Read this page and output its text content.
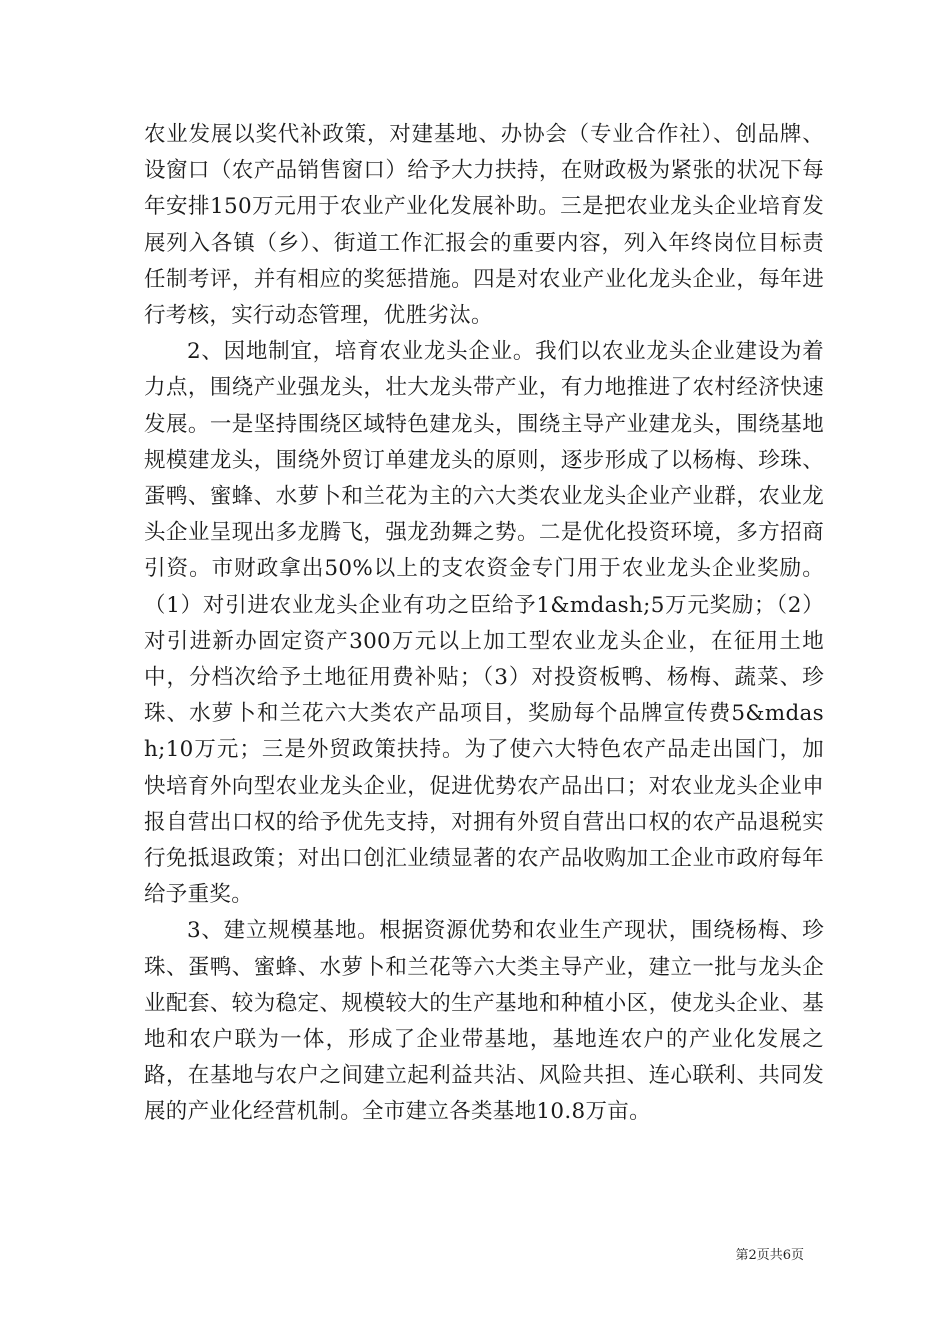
农业发展以奖代补政策，对建基地、办协会（专业合作社）、创品牌、设窗口（农产品销售窗口）给予大力扶持，在财政极为紧张的状况下每年安排150万元用于农业产业化发展补助。三是把农业龙头企业培育发展列入各镇（乡）、街道工作汇报会的重要内容，列入年终岗位目标责任制考评，并有相应的奖惩措施。四是对农业产业化龙头企业，每年进行考核，实行动态管理，优胜劣汰。

2、因地制宜，培育农业龙头企业。我们以农业龙头企业建设为着力点，围绕产业强龙头，壮大龙头带产业，有力地推进了农村经济快速发展。一是坚持围绕区域特色建龙头，围绕主导产业建龙头，围绕基地规模建龙头，围绕外贸订单建龙头的原则，逐步形成了以杨梅、珍珠、蛋鸭、蜜蜂、水萝卜和兰花为主的六大类农业龙头企业产业群，农业龙头企业呈现出多龙腾飞，强龙劲舞之势。二是优化投资环境，多方招商引资。市财政拿出50%以上的支农资金专门用于农业龙头企业奖励。（1）对引进农业龙头企业有功之臣给予1&mdash;5万元奖励；（2）对引进新办固定资产300万元以上加工型农业龙头企业，在征用土地中，分档次给予土地征用费补贴；（3）对投资板鸭、杨梅、蔬菜、珍珠、水萝卜和兰花六大类农产品项目，奖励每个品牌宣传费5&mdash;10万元；三是外贸政策扶持。为了使六大特色农产品走出国门，加快培育外向型农业龙头企业，促进优势农产品出口；对农业龙头企业申报自营出口权的给予优先支持，对拥有外贸自营出口权的农产品退税实行免抵退政策；对出口创汇业绩显著的农产品收购加工企业市政府每年给予重奖。

3、建立规模基地。根据资源优势和农业生产现状，围绕杨梅、珍珠、蛋鸭、蜜蜂、水萝卜和兰花等六大类主导产业，建立一批与龙头企业配套、较为稳定、规模较大的生产基地和种植小区，使龙头企业、基地和农户联为一体，形成了企业带基地，基地连农户的产业化发展之路，在基地与农户之间建立起利益共沾、风险共担、连心联利、共同发展的产业化经营机制。全市建立各类基地10.8万亩。

第2页共6页
